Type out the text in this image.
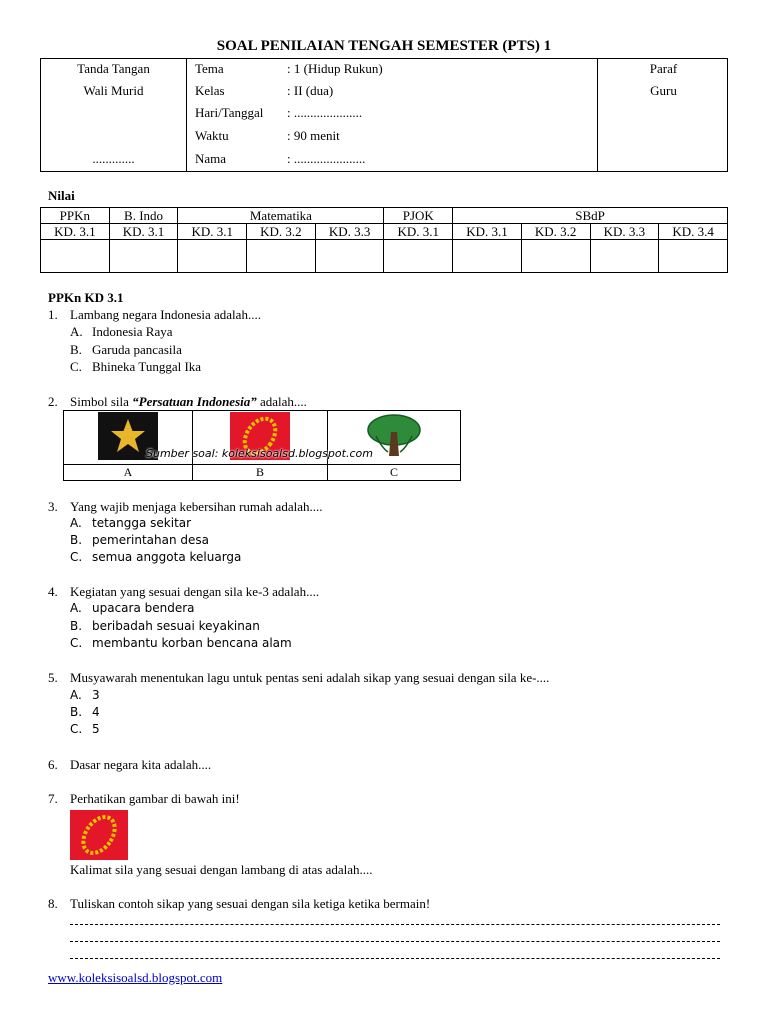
SOAL PENILAIAN TENGAH SEMESTER (PTS) 1
Tanda Tangan
Wali Murid
.............

Tema	: 1 (Hidup Rukun)
Kelas	: II (dua)
Hari/Tanggal : .....................
Waktu	: 90 menit
Nama	: ......................

Paraf
Guru
Nilai
PPKn	B. Indo	Matematika			PJOK	SBdP			
KD. 3.1	KD. 3.1	KD. 3.1	KD. 3.2	KD. 3.3	KD. 3.1	KD. 3.1	KD. 3.2	KD. 3.3	KD. 3.4

PPKn KD 3.1
1. Lambang negara Indonesia adalah....
A. Indonesia Raya
B. Garuda pancasila
C. Bhineka Tunggal Ika
2. Simbol sila “Persatuan Indonesia” adalah....

A	B	C
Sumber soal: koleksisoalsd.blogspot.com
3. Yang wajib menjaga kebersihan rumah adalah....
A. tetangga sekitar
B. pemerintahan desa
C. semua anggota keluarga
4. Kegiatan yang sesuai dengan sila ke-3 adalah....
A. upacara bendera
B. beribadah sesuai keyakinan
C. membantu korban bencana alam
5. Musyawarah menentukan lagu untuk pentas seni adalah sikap yang sesuai dengan sila ke-....
A. 3
B. 4
C. 5
6. Dasar negara kita adalah....
7. Perhatikan gambar di bawah ini!
Kalimat sila yang sesuai dengan lambang di atas adalah....
8. Tuliskan contoh sikap yang sesuai dengan sila ketiga ketika bermain!
www.koleksisoalsd.blogspot.com
